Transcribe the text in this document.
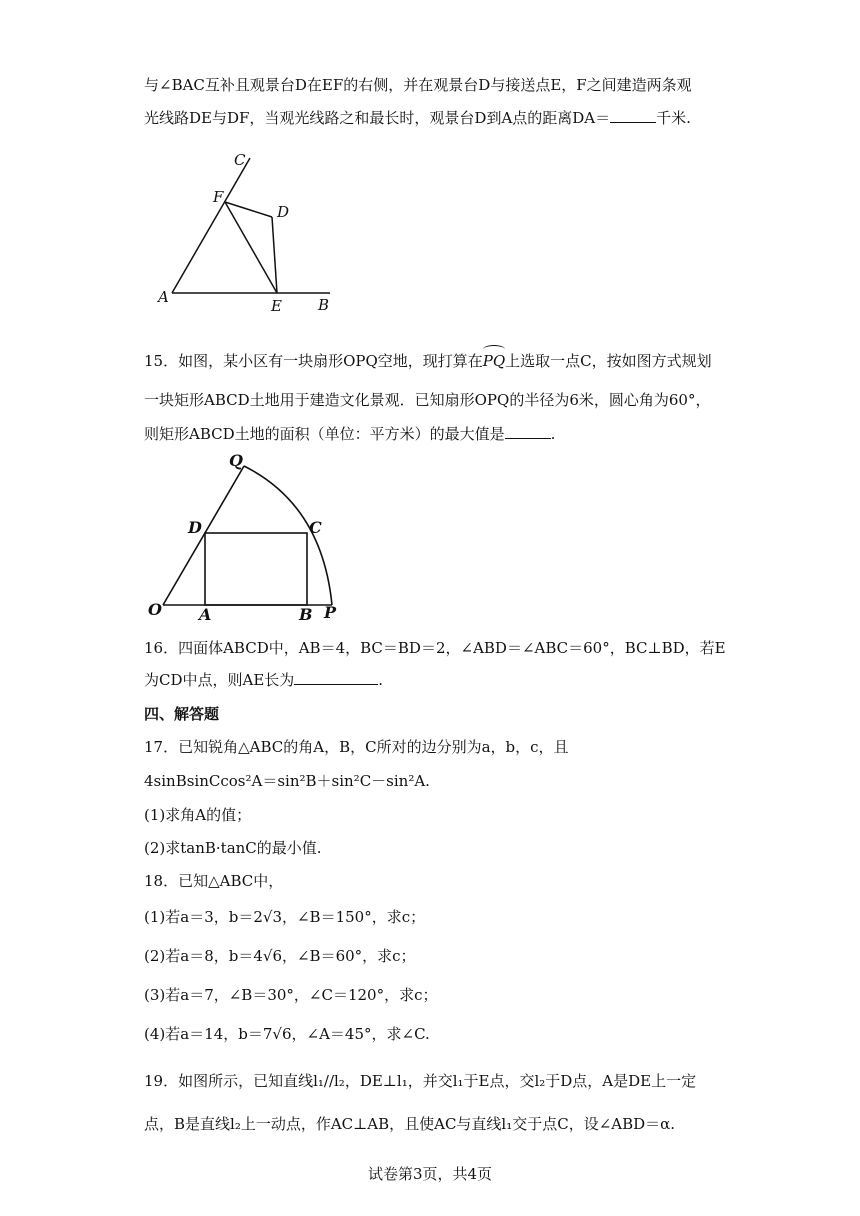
与∠BAC互补且观景台D在EF的右侧，并在观景台D与接送点E，F之间建造两条观
光线路DE与DF，当观光线路之和最长时，观景台D到A点的距离DA＝	千米.
C
F
D
A	E B
15．如图，某小区有一块扇形OPQ空地，现打算在
PQ上选取一点C，按如图方式规划
一块矩形ABCD土地用于建造文化景观．已知扇形OPQ的半径为6米，圆心角为60°，
则矩形ABCD土地的面积（单位：平方米）的最大值是	.
Q
D	C
O A	B P
16．四面体ABCD中，AB＝4，BC＝BD＝2，∠ABD＝∠ABC＝60°，BC⊥BD，若E
为CD中点，则AE长为	.
四、解答题
17．已知锐角△ABC的角A，B，C所对的边分别为a，b，c，且
4sinBsinCcos²A＝sin²B＋sin²C－sin²A.
(1)求角A的值；
(2)求tanB·tanC的最小值.
18．已知△ABC中，
(1)若a＝3，b＝2√3，∠B＝150°，求c；
(2)若a＝8，b＝4√6，∠B＝60°，求c；
(3)若a＝7，∠B＝30°，∠C＝120°，求c；
(4)若a＝14，b＝7√6，∠A＝45°，求∠C.
19．如图所示，已知直线l₁//l₂，DE⊥l₁，并交l₁于E点，交l₂于D点，A是DE上一定
点，B是直线l₂上一动点，作AC⊥AB，且使AC与直线l₁交于点C，设∠ABD＝α.
试卷第3页，共4页
